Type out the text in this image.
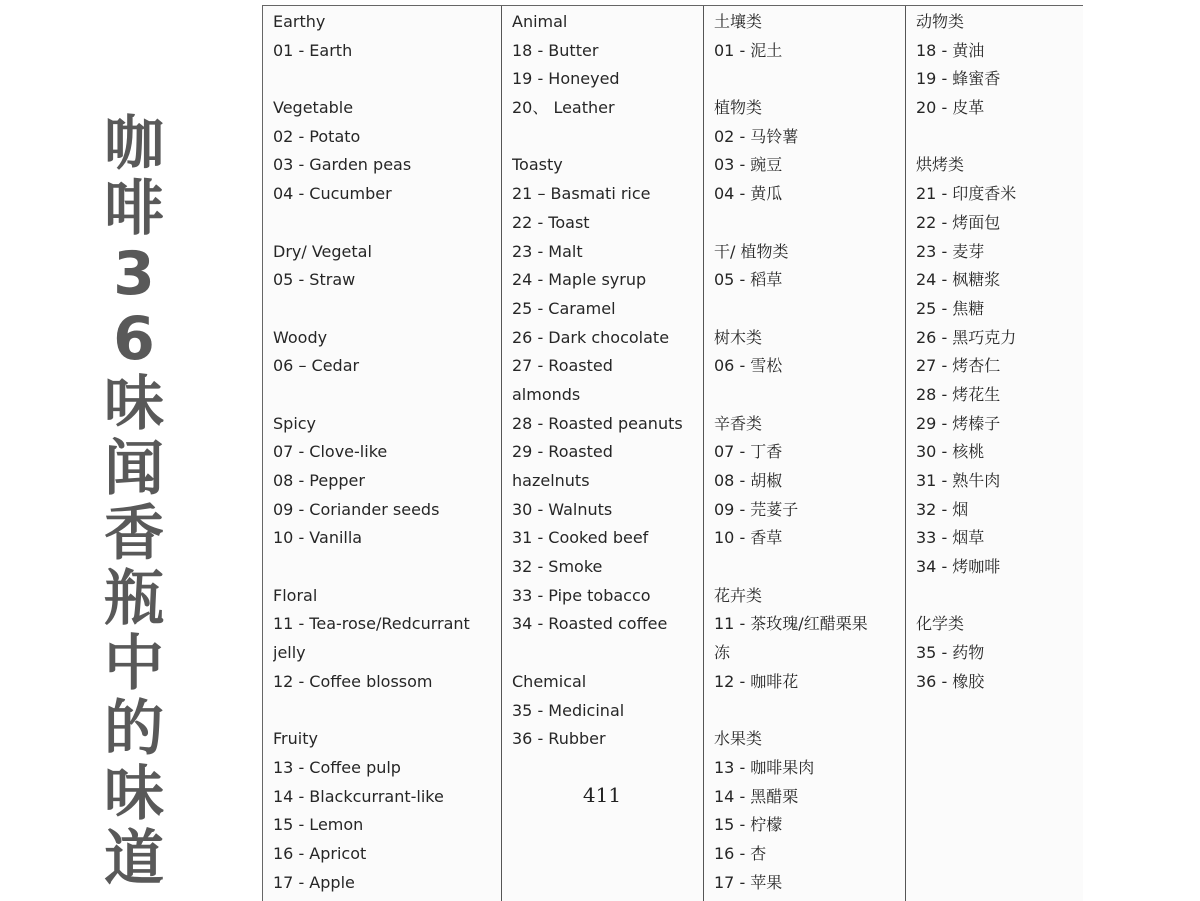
咖啡36味闻香瓶中的味道
Earthy
01 - Earth
Vegetable
02 - Potato
03 - Garden peas
04 - Cucumber
Dry/ Vegetal
05 - Straw
Woody
06 – Cedar
Spicy
07 - Clove-like
08 - Pepper
09 - Coriander seeds
10 - Vanilla
Floral
11 - Tea-rose/Redcurrant
jelly
12 - Coffee blossom
Fruity
13 - Coffee pulp
14 - Blackcurrant-like
15 - Lemon
16 - Apricot
17 - Apple
Animal
18 - Butter
19 - Honeyed
20、 Leather
Toasty
21 – Basmati rice
22 - Toast
23 - Malt
24 - Maple syrup
25 - Caramel
26 - Dark chocolate
27 - Roasted
almonds
28 - Roasted peanuts
29 - Roasted
hazelnuts
30 - Walnuts
31 - Cooked beef
32 - Smoke
33 - Pipe tobacco
34 - Roasted coffee
Chemical
35 - Medicinal
36 - Rubber
土壤类
01 - 泥土
植物类
02 - 马铃薯
03 - 豌豆
04 - 黄瓜
干/ 植物类
05 - 稻草
树木类
06 - 雪松
辛香类
07 - 丁香
08 - 胡椒
09 - 芫荽子
10 - 香草
花卉类
11 - 茶玫瑰/红醋栗果
冻
12 - 咖啡花
水果类
13 - 咖啡果肉
14 - 黑醋栗
15 - 柠檬
16 - 杏
17 - 苹果
动物类
18 - 黄油
19 - 蜂蜜香
20 - 皮革
烘烤类
21 - 印度香米
22 - 烤面包
23 - 麦芽
24 - 枫糖浆
25 - 焦糖
26 - 黑巧克力
27 - 烤杏仁
28 - 烤花生
29 - 烤榛子
30 - 核桃
31 - 熟牛肉
32 - 烟
33 - 烟草
34 - 烤咖啡
化学类
35 - 药物
36 - 橡胶
411
